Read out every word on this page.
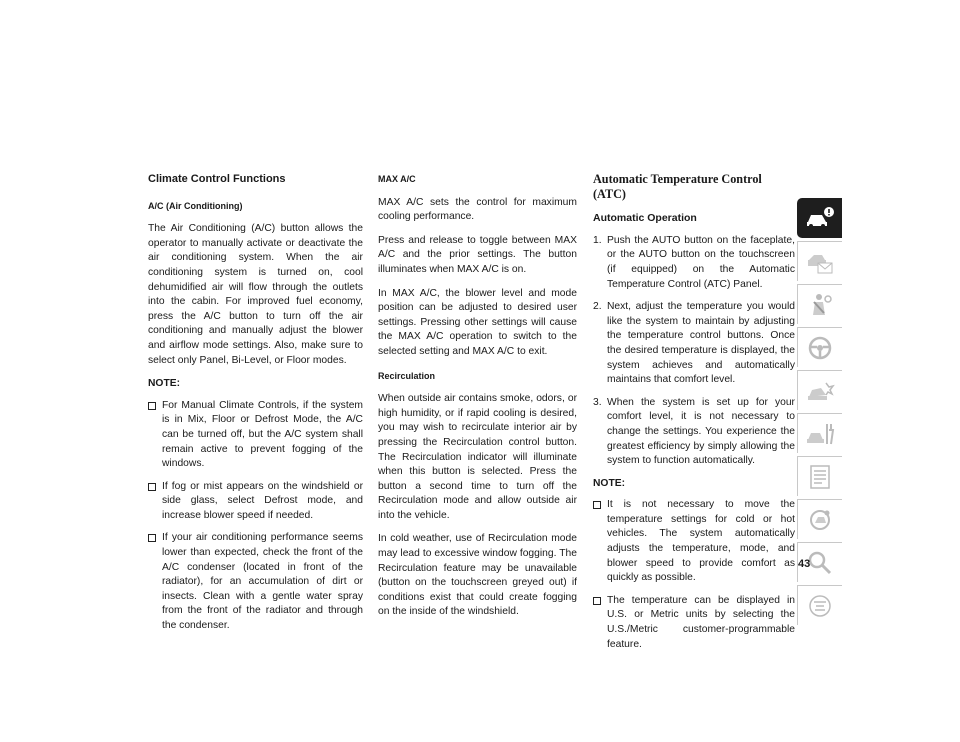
Climate Control Functions
A/C (Air Conditioning)

The Air Conditioning (A/C) button allows the operator to manually activate or deactivate the air conditioning system. When the air conditioning system is turned on, cool dehumidified air will flow through the outlets into the cabin. For improved fuel economy, press the A/C button to turn off the air conditioning and manually adjust the blower and airflow mode settings. Also, make sure to select only Panel, Bi-Level, or Floor modes.

NOTE:
For Manual Climate Controls, if the system is in Mix, Floor or Defrost Mode, the A/C can be turned off, but the A/C system shall remain active to prevent fogging of the windows.
If fog or mist appears on the windshield or side glass, select Defrost mode, and increase blower speed if needed.
If your air conditioning performance seems lower than expected, check the front of the A/C condenser (located in front of the radiator), for an accumulation of dirt or insects. Clean with a gentle water spray from the front of the radiator and through the condenser.
MAX A/C

MAX A/C sets the control for maximum cooling performance.

Press and release to toggle between MAX A/C and the prior settings. The button illuminates when MAX A/C is on.

In MAX A/C, the blower level and mode position can be adjusted to desired user settings. Pressing other settings will cause the MAX A/C operation to switch to the selected setting and MAX A/C to exit.

Recirculation

When outside air contains smoke, odors, or high humidity, or if rapid cooling is desired, you may wish to recirculate interior air by pressing the Recirculation control button. The Recirculation indicator will illuminate when this button is selected. Press the button a second time to turn off the Recirculation mode and allow outside air into the vehicle.

In cold weather, use of Recirculation mode may lead to excessive window fogging. The Recirculation feature may be unavailable (button on the touchscreen greyed out) if conditions exist that could create fogging on the inside of the windshield.

Automatic Temperature Control (ATC)
Automatic Operation
1. Push the AUTO button on the faceplate, or the AUTO button on the touchscreen (if equipped) on the Automatic Temperature Control (ATC) Panel.
2. Next, adjust the temperature you would like the system to maintain by adjusting the temperature control buttons. Once the desired temperature is displayed, the system achieves and automatically maintains that comfort level.
3. When the system is set up for your comfort level, it is not necessary to change the settings. You experience the greatest efficiency by simply allowing the system to function automatically.
NOTE:
It is not necessary to move the temperature settings for cold or hot vehicles. The system automatically adjusts the temperature, mode, and blower speed to provide comfort as quickly as possible.
The temperature can be displayed in U.S. or Metric units by selecting the U.S./Metric customer-programmable feature.
43
